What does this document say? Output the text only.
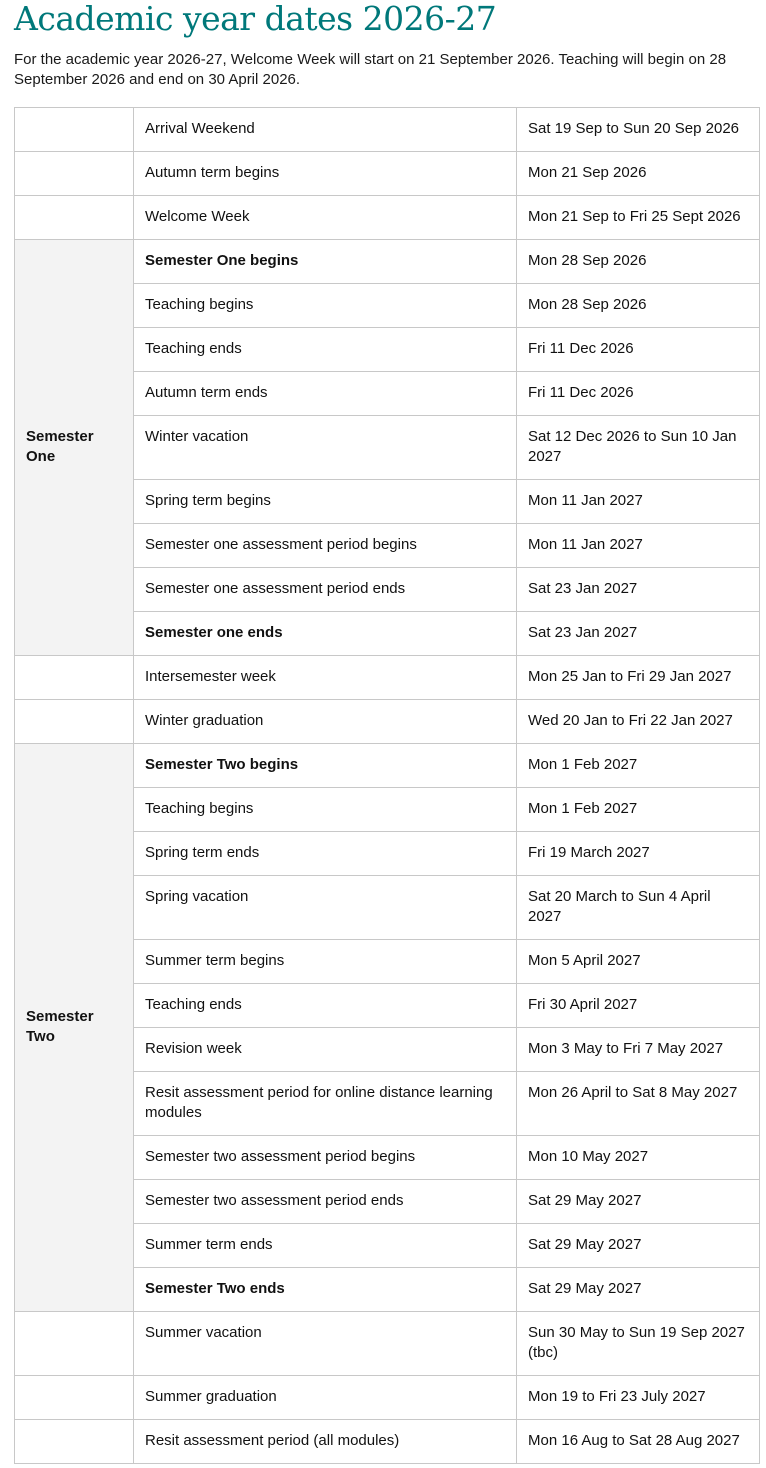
Academic year dates 2026-27

For the academic year 2026-27, Welcome Week will start on 21 September 2026. Teaching will begin on 28 September 2026 and end on 30 April 2026.

	Arrival Weekend	Sat 19 Sep to Sun 20 Sep 2026
	Autumn term begins	Mon 21 Sep 2026
	Welcome Week	Mon 21 Sep to Fri 25 Sept 2026
Semester One	Semester One begins	Mon 28 Sep 2026
	Teaching begins	Mon 28 Sep 2026
	Teaching ends	Fri 11 Dec 2026
	Autumn term ends	Fri 11 Dec 2026
	Winter vacation	Sat 12 Dec 2026 to Sun 10 Jan 2027
	Spring term begins	Mon 11 Jan 2027
	Semester one assessment period begins	Mon 11 Jan 2027
	Semester one assessment period ends	Sat 23 Jan 2027
	Semester one ends	Sat 23 Jan 2027
	Intersemester week	Mon 25 Jan to Fri 29 Jan 2027
	Winter graduation	Wed 20 Jan to Fri 22 Jan 2027
Semester Two	Semester Two begins	Mon 1 Feb 2027
	Teaching begins	Mon 1 Feb 2027
	Spring term ends	Fri 19 March 2027
	Spring vacation	Sat 20 March to Sun 4 April 2027
	Summer term begins	Mon 5 April 2027
	Teaching ends	Fri 30 April 2027
	Revision week	Mon 3 May to Fri 7 May 2027
	Resit assessment period for online distance learning modules	Mon 26 April to Sat 8 May 2027
	Semester two assessment period begins	Mon 10 May 2027
	Semester two assessment period ends	Sat 29 May 2027
	Summer term ends	Sat 29 May 2027
	Semester Two ends	Sat 29 May 2027
	Summer vacation	Sun 30 May to Sun 19 Sep 2027 (tbc)
	Summer graduation	Mon 19 to Fri 23 July 2027
	Resit assessment period (all modules)	Mon 16 Aug to Sat 28 Aug 2027
